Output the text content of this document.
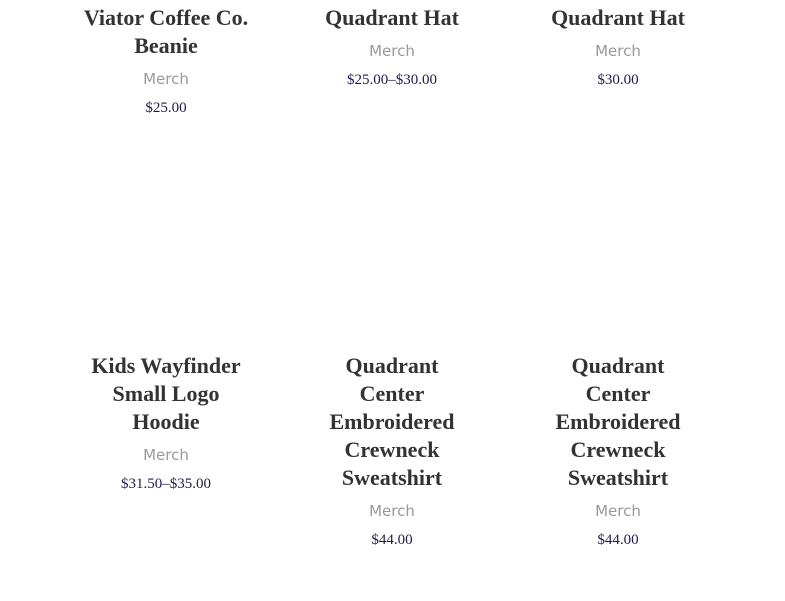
Viator Coffee Co. Beanie
Merch
$25.00
Quadrant Hat
Merch
$25.00–$30.00
Quadrant Hat
Merch
$30.00
Kids Wayfinder Small Logo Hoodie
Merch
$31.50–$35.00
Quadrant Center Embroidered Crewneck Sweatshirt
Merch
$44.00
Quadrant Center Embroidered Crewneck Sweatshirt
Merch
$44.00
